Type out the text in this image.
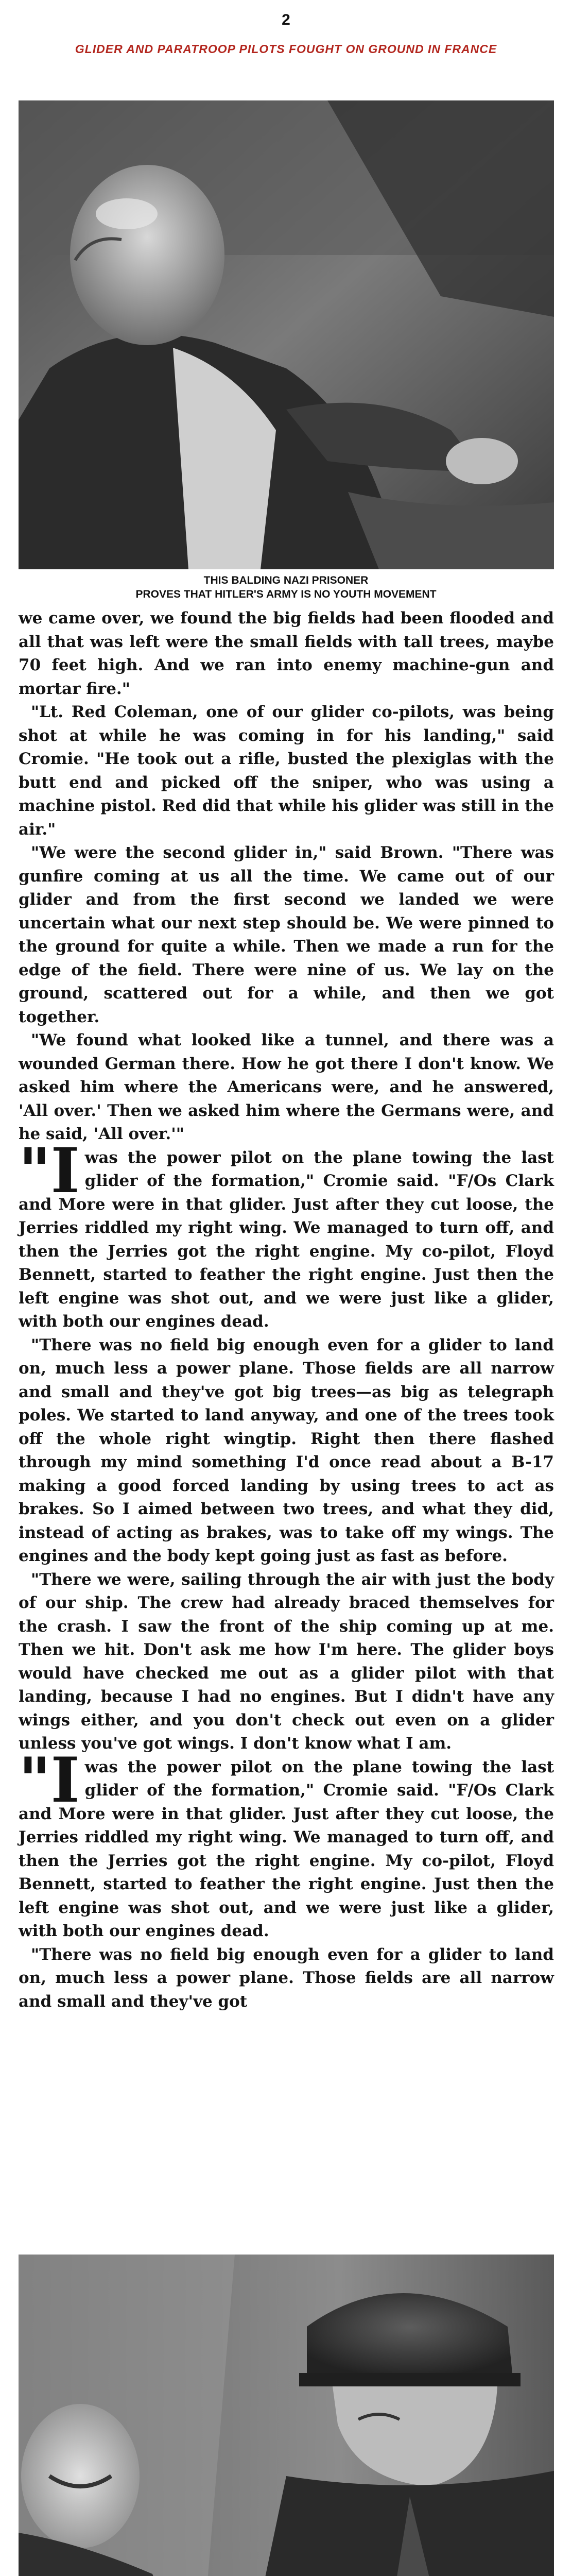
2
GLIDER AND PARATROOP PILOTS FOUGHT ON GROUND IN FRANCE
THIS BALDING NAZI PRISONER
PROVES THAT HITLER'S ARMY IS NO YOUTH MOVEMENT

we came over, we found the big fields had been flooded and all that was left were the small fields with tall trees, maybe 70 feet high. And we ran into enemy machine-gun and mortar fire."

"Lt. Red Coleman, one of our glider co-pilots, was being shot at while he was coming in for his landing," said Cromie. "He took out a rifle, busted the plexiglas with the butt end and picked off the sniper, who was using a machine pistol. Red did that while his glider was still in the air."

"We were the second glider in," said Brown. "There was gunfire coming at us all the time. We came out of our glider and from the first second we landed we were uncertain what our next step should be. We were pinned to the ground for quite a while. Then we made a run for the edge of the field. There were nine of us. We lay on the ground, scattered out for a while, and then we got together.

"We found what looked like a tunnel, and there was a wounded German there. How he got there I don't know. We asked him where the Americans were, and he answered, 'All over.' Then we asked him where the Germans were, and he said, 'All over.'"

"Iwas the power pilot on the plane towing the last glider of the formation," Cromie said. "F/Os Clark and More were in that glider. Just after they cut loose, the Jerries riddled my right wing. We managed to turn off, and then the Jerries got the right engine. My co-pilot, Floyd Bennett, started to feather the right engine. Just then the left engine was shot out, and we were just like a glider, with both our engines dead.

"There was no field big enough even for a glider to land on, much less a power plane. Those fields are all narrow and small and they've got big trees—as big as telegraph poles. We started to land anyway, and one of the trees took off the whole right wingtip. Right then there flashed through my mind something I'd once read about a B-17 making a good forced landing by using trees to act as brakes. So I aimed between two trees, and what they did, instead of acting as brakes, was to take off my wings. The engines and the body kept going just as fast as before.

"There we were, sailing through the air with just the body of our ship. The crew had already braced themselves for the crash. I saw the front of the ship coming up at me. Then we hit. Don't ask me how I'm here. The glider boys would have checked me out as a glider pilot with that landing, because I had no engines. But I didn't have any wings either, and you don't check out even on a glider unless you've got wings. I don't know what I am.

"Iwas the power pilot on the plane towing the last glider of the formation," Cromie said. "F/Os Clark and More were in that glider. Just after they cut loose, the Jerries riddled my right wing. We managed to turn off, and then the Jerries got the right engine. My co-pilot, Floyd Bennett, started to feather the right engine. Just then the left engine was shot out, and we were just like a glider, with both our engines dead.

"There was no field big enough even for a glider to land on, much less a power plane. Those fields are all narrow and small and they've got
